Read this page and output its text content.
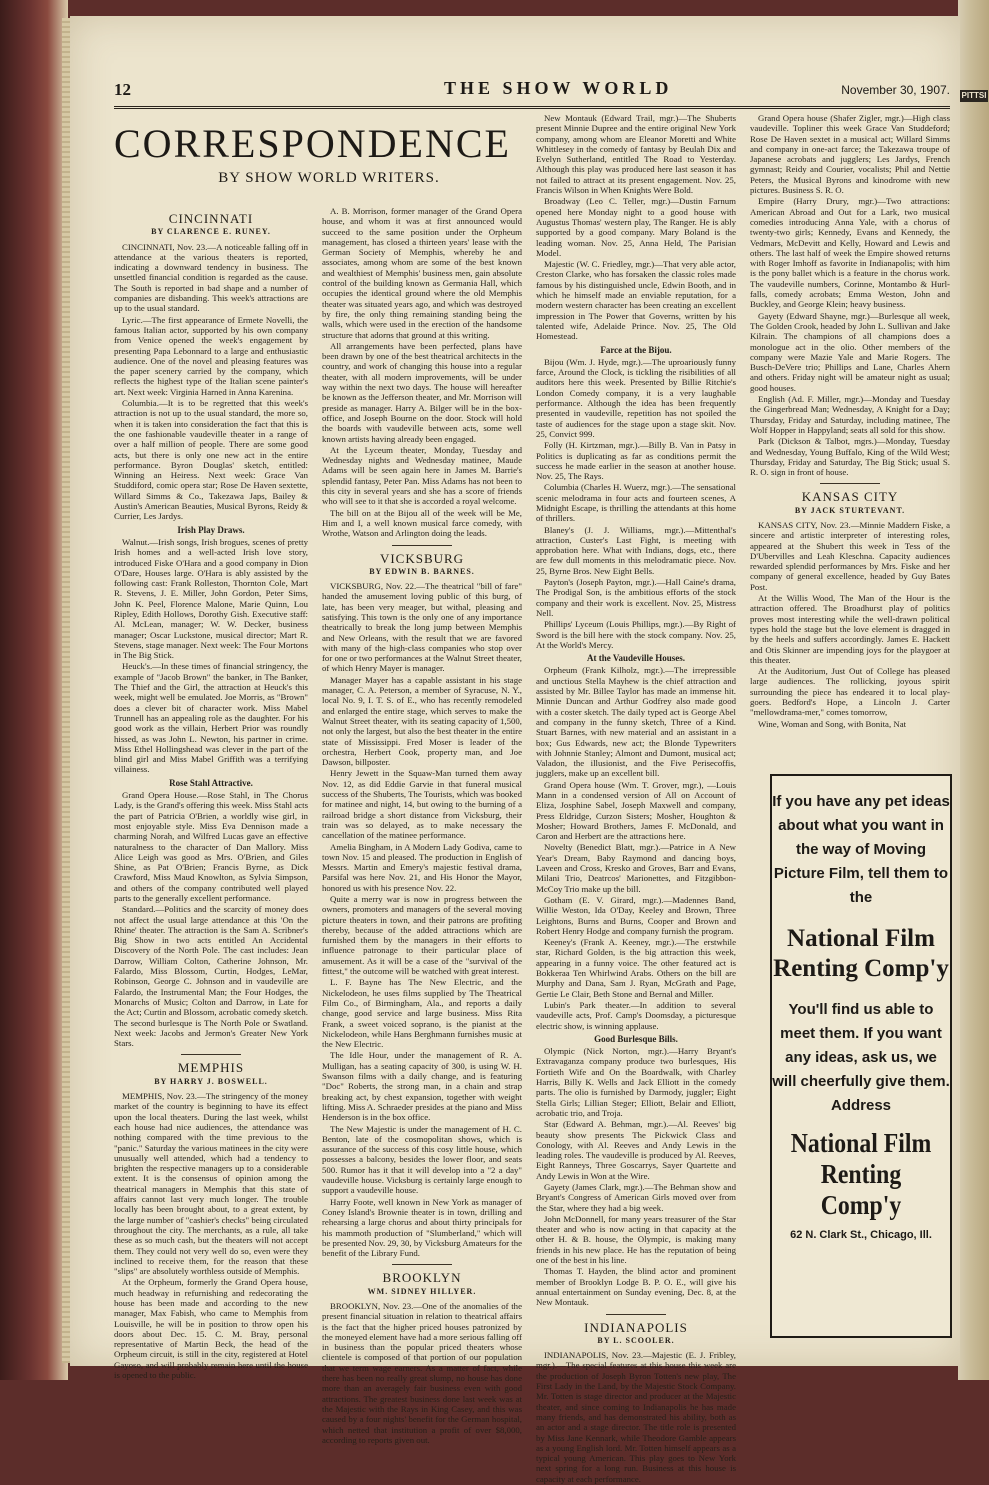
PITTSI
12	THE SHOW WORLD	November 30, 1907.
CORRESPONDENCE
BY SHOW WORLD WRITERS.
CINCINNATI
BY CLARENCE E. RUNEY.

CINCINNATI, Nov. 23.—A noticeable falling off in attendance at the various theaters is reported, indicating a downward tendency in business. The unsettled financial condition is regarded as the cause. The South is reported in bad shape and a number of companies are disbanding. This week's attractions are up to the usual standard.

Lyric.—The first appearance of Ermete Novelli, the famous Italian actor, supported by his own company from Venice opened the week's engagement by presenting Papa Lebonnard to a large and enthusiastic audience. One of the novel and pleasing features was the paper scenery carried by the company, which reflects the highest type of the Italian scene painter's art. Next week: Virginia Harned in Anna Karenina.

Columbia.—It is to be regretted that this week's attraction is not up to the usual standard, the more so, when it is taken into consideration the fact that this is the one fashionable vaudeville theater in a range of over a half million of people. There are some good acts, but there is only one new act in the entire performance. Byron Douglas' sketch, entitled: Winning an Heiress. Next week: Grace Van Studdiford, comic opera star; Rose De Haven sextette, Willard Simms & Co., Takezawa Japs, Bailey & Austin's American Beauties, Musical Byrons, Reidy & Currier, Les Jardys.

Irish Play Draws.

Walnut.—Irish songs, Irish brogues, scenes of pretty Irish homes and a well-acted Irish love story, introduced Fiske O'Hara and a good company in Dion O'Dare, Houses large. O'Hara is ably assisted by the following cast: Frank Rolleston, Thornton Cole, Mart R. Stevens, J. E. Miller, John Gordon, Peter Sims, John K. Peel, Florence Malone, Marie Quinn, Lou Ripley, Edith Hollows, Dorothy Gish. Executive staff: Al. McLean, manager; W. W. Decker, business manager; Oscar Luckstone, musical director; Mart R. Stevens, stage manager. Next week: The Four Mortons in The Big Stick.

Heuck's.—In these times of financial stringency, the example of "Jacob Brown" the banker, in The Banker, The Thief and the Girl, the attraction at Heuck's this week, might well be emulated. Joe Morris, as "Brown" does a clever bit of character work. Miss Mabel Trunnell has an appealing role as the daughter. For his good work as the villain, Herbert Prior was roundly hissed, as was John L. Newton, his partner in crime. Miss Ethel Hollingshead was clever in the part of the blind girl and Miss Mabel Griffith was a terrifying villainess.

Rose Stahl Attractive.

Grand Opera House.—Rose Stahl, in The Chorus Lady, is the Grand's offering this week. Miss Stahl acts the part of Patricia O'Brien, a worldly wise girl, in most enjoyable style. Miss Eva Dennison made a charming Norah, and Wilfred Lucas gave an effective naturalness to the character of Dan Mallory. Miss Alice Leigh was good as Mrs. O'Brien, and Giles Shine, as Pat O'Brien; Francis Byrne, as Dick Crawford, Miss Maud Knowlton, as Sylvia Simpson, and others of the company contributed well played parts to the generally excellent performance.

Standard.—Politics and the scarcity of money does not affect the usual large attendance at this 'On the Rhine' theater. The attraction is the Sam A. Scribner's Big Show in two acts entitled An Accidental Discovery of the North Pole. The cast includes: Jean Darrow, William Colton, Catherine Johnson, Mr. Falardo, Miss Blossom, Curtin, Hodges, LeMar, Robinson, George C. Johnson and in vaudeville are Falardo, the Instrumental Man; the Four Hodges, the Monarchs of Music; Colton and Darrow, in Late for the Act; Curtin and Blossom, acrobatic comedy sketch. The second burlesque is The North Pole or Swatland. Next week: Jacobs and Jermon's Greater New York Stars.

MEMPHIS
BY HARRY J. BOSWELL.

MEMPHIS, Nov. 23.—The stringency of the money market of the country is beginning to have its effect upon the local theaters. During the last week, whilst each house had nice audiences, the attendance was nothing compared with the time previous to the "panic." Saturday the various matinees in the city were unusually well attended, which had a tendency to brighten the respective managers up to a considerable extent. It is the consensus of opinion among the theatrical managers in Memphis that this state of affairs cannot last very much longer. The trouble locally has been brought about, to a great extent, by the large number of "cashier's checks" being circulated throughout the city. The merchants, as a rule, all take these as so much cash, but the theaters will not accept them. They could not very well do so, even were they inclined to receive them, for the reason that these "slips" are absolutely worthless outside of Memphis.

At the Orpheum, formerly the Grand Opera house, much headway in refurnishing and redecorating the house has been made and according to the new manager, Max Fabish, who came to Memphis from Louisville, he will be in position to throw open his doors about Dec. 15. C. M. Bray, personal representative of Martin Beck, the head of the Orpheum circuit, is still in the city, registered at Hotel Gayoso, and will probably remain here until the house is opened to the public.

A. B. Morrison, former manager of the Grand Opera house, and whom it was at first announced would succeed to the same position under the Orpheum management, has closed a thirteen years' lease with the German Society of Memphis, whereby he and associates, among whom are some of the best known and wealthiest of Memphis' business men, gain absolute control of the building known as Germania Hall, which occupies the identical ground where the old Memphis theater was situated years ago, and which was destroyed by fire, the only thing remaining standing being the walls, which were used in the erection of the handsome structure that adorns that ground at this writing.

All arrangements have been perfected, plans have been drawn by one of the best theatrical architects in the country, and work of changing this house into a regular theater, with all modern improvements, will be under way within the next two days. The house will hereafter be known as the Jefferson theater, and Mr. Morrison will preside as manager. Harry A. Bilger will be in the box-office, and Joseph Bourne on the door. Stock will hold the boards with vaudeville between acts, some well known artists having already been engaged.

At the Lyceum theater, Monday, Tuesday and Wednesday nights and Wednesday matinee, Maude Adams will be seen again here in James M. Barrie's splendid fantasy, Peter Pan. Miss Adams has not been to this city in several years and she has a score of friends who will see to it that she is accorded a royal welcome.

The bill on at the Bijou all of the week will be Me, Him and I, a well known musical farce comedy, with Wrothe, Watson and Arlington doing the leads.

VICKSBURG
BY EDWIN B. BARNES.

VICKSBURG, Nov. 22.—The theatrical "bill of fare" handed the amusement loving public of this burg, of late, has been very meager, but withal, pleasing and satisfying. This town is the only one of any importance theatrically to break the long jump between Memphis and New Orleans, with the result that we are favored with many of the high-class companies who stop over for one or two performances at the Walnut Street theater, of which Henry Mayer is manager.

Manager Mayer has a capable assistant in his stage manager, C. A. Peterson, a member of Syracuse, N. Y., local No. 9, I. T. S. of E., who has recently remodeled and enlarged the entire stage, which serves to make the Walnut Street theater, with its seating capacity of 1,500, not only the largest, but also the best theater in the entire state of Mississippi. Fred Moser is leader of the orchestra, Herbert Cook, property man, and Joe Dawson, billposter.

Henry Jewett in the Squaw-Man turned them away Nov. 12, as did Eddie Garvie in that funeral musical success of the Shuberts, The Tourists, which was booked for matinee and night, 14, but owing to the burning of a railroad bridge a short distance from Vicksburg, their train was so delayed, as to make necessary the cancellation of the matinee performance.

Amelia Bingham, in A Modern Lady Godiva, came to town Nov. 15 and pleased. The production in English of Messrs. Martin and Emery's majestic festival drama, Parsifal was here Nov. 21, and His Honor the Mayor, honored us with his presence Nov. 22.

Quite a merry war is now in progress between the owners, promoters and managers of the several moving picture theaters in town, and their patrons are profiting thereby, because of the added attractions which are furnished them by the managers in their efforts to influence patronage to their particular place of amusement. As it will be a case of the "survival of the fittest," the outcome will be watched with great interest.

L. F. Bayne has The New Electric, and the Nickelodeon, he uses films supplied by The Theatrical Film Co., of Birmingham, Ala., and reports a daily change, good service and large business. Miss Rita Frank, a sweet voiced soprano, is the pianist at the Nickelodeon, while Hans Berghmann furnishes music at the New Electric.

The Idle Hour, under the management of R. A. Mulligan, has a seating capacity of 300, is using W. H. Swanson films with a daily change, and is featuring "Doc" Roberts, the strong man, in a chain and strap breaking act, by chest expansion, together with weight lifting. Miss A. Schraeder presides at the piano and Miss Henderson is in the box office.

The New Majestic is under the management of H. C. Benton, late of the cosmopolitan shows, which is assurance of the success of this cosy little house, which possesses a balcony, besides the lower floor, and seats 500. Rumor has it that it will develop into a "2 a day" vaudeville house. Vicksburg is certainly large enough to support a vaudeville house.

Harry Foote, well known in New York as manager of Coney Island's Brownie theater is in town, drilling and rehearsing a large chorus and about thirty principals for his mammoth production of "Slumberland," which will be presented Nov. 29, 30, by Vicksburg Amateurs for the benefit of the Library Fund.

BROOKLYN
WM. SIDNEY HILLYER.

BROOKLYN, Nov. 23.—One of the anomalies of the present financial situation in relation to theatrical affairs is the fact that the higher priced houses patronized by the moneyed element have had a more serious falling off in business than the popular priced theaters whose clientele is composed of that portion of our population that we term wage earners. As a matter of fact, while there has been no really great slump, no house has done more than an averagely fair business even with good attractions. The greatest business done last week was at the Majestic with the Rays in King Casey, and this was caused by a four nights' benefit for the German hospital, which netted that institution a profit of over $8,000, according to reports given out.

New Montauk (Edward Trail, mgr.)—The Shuberts present Minnie Dupree and the entire original New York company, among whom are Eleanor Moretti and White Whittlesey in the comedy of fantasy by Beulah Dix and Evelyn Sutherland, entitled The Road to Yesterday. Although this play was produced here last season it has not failed to attract at its present engagement. Nov. 25, Francis Wilson in When Knights Were Bold.

Broadway (Leo C. Teller, mgr.)—Dustin Farnum opened here Monday night to a good house with Augustus Thomas' western play, The Ranger. He is ably supported by a good company. Mary Boland is the leading woman. Nov. 25, Anna Held, The Parisian Model.

Majestic (W. C. Friedley, mgr.)—That very able actor, Creston Clarke, who has forsaken the classic roles made famous by his distinguished uncle, Edwin Booth, and in which he himself made an enviable reputation, for a modern western character has been creating an excellent impression in The Power that Governs, written by his talented wife, Adelaide Prince. Nov. 25, The Old Homestead.

Farce at the Bijou.

Bijou (Wm. J. Hyde, mgr.).—The uproariously funny farce, Around the Clock, is tickling the risibilities of all auditors here this week. Presented by Billie Ritchie's London Comedy company, it is a very laughable performance. Although the idea has been frequently presented in vaudeville, repetition has not spoiled the taste of audiences for the stage upon a stage skit. Nov. 25, Convict 999.

Folly (H. Kirtzman, mgr.).—Billy B. Van in Patsy in Politics is duplicating as far as conditions permit the success he made earlier in the season at another house. Nov. 25, The Rays.

Columbia (Charles H. Wuerz, mgr.).—The sensational scenic melodrama in four acts and fourteen scenes, A Midnight Escape, is thrilling the attendants at this home of thrillers.

Blaney's (J. J. Williams, mgr.).—Mittenthal's attraction, Custer's Last Fight, is meeting with approbation here. What with Indians, dogs, etc., there are few dull moments in this melodramatic piece. Nov. 25, Byrne Bros. New Eight Bells.

Payton's (Joseph Payton, mgr.).—Hall Caine's drama, The Prodigal Son, is the ambitious efforts of the stock company and their work is excellent. Nov. 25, Mistress Nell.

Phillips' Lyceum (Louis Phillips, mgr.).—By Right of Sword is the bill here with the stock company. Nov. 25, At the World's Mercy.

At the Vaudeville Houses.

Orpheum (Frank Kilholz, mgr.).—The irrepressible and unctious Stella Mayhew is the chief attraction and assisted by Mr. Billee Taylor has made an immense hit. Minnie Duncan and Arthur Godfrey also made good with a coster sketch. The daily typed act is George Abel and company in the funny sketch, Three of a Kind. Stuart Barnes, with new material and an assistant in a box; Gus Edwards, new act; the Blonde Typewriters with Johnnie Stanley; Almont and Dumont, musical act; Valadon, the illusionist, and the Five Perisecoffis, jugglers, make up an excellent bill.

Grand Opera house (Wm. T. Grover, mgr.), —Louis Mann in a condensed version of All on Account of Eliza, Josphine Sabel, Joseph Maxwell and company, Press Eldridge, Curzon Sisters; Mosher, Houghton & Mosher; Howard Brothers, James F. McDonald, and Caron and Herbert are the attractions here.

Novelty (Benedict Blatt, mgr.).—Patrice in A New Year's Dream, Baby Raymond and dancing boys, Laveen and Cross, Kresko and Groves, Barr and Evans, Milani Trio, Deatrcos' Marionettes, and Fitzgibbon-McCoy Trio make up the bill.

Gotham (E. V. Girard, mgr.).—Madennes Band, Willie Weston, Ida O'Day, Keeley and Brown, Three Leightons, Burns and Burns, Cooper and Brown and Robert Henry Hodge and company furnish the program.

Keeney's (Frank A. Keeney, mgr.).—The erstwhile star, Richard Golden, is the big attraction this week, appearing in a funny voice. The other featured act is Bokkeraa Ten Whirlwind Arabs. Others on the bill are Murphy and Dana, Sam J. Ryan, McGrath and Page, Gertie Le Clair, Beth Stone and Bernal and Miller.

Lubin's Park theater.—In addition to several vaudeville acts, Prof. Camp's Doomsday, a picturesque electric show, is winning applause.

Good Burlesque Bills.

Olympic (Nick Norton, mgr.).—Harry Bryant's Extravaganza company produce two burlesques, His Fortieth Wife and On the Boardwalk, with Charley Harris, Billy K. Wells and Jack Elliott in the comedy parts. The olio is furnished by Darmody, juggler; Eight Stella Girls; Lillian Steger; Elliott, Belair and Elliott, acrobatic trio, and Troja.

Star (Edward A. Behman, mgr.).—Al. Reeves' big beauty show presents The Pickwick Class and Conology, with Al. Reeves and Andy Lewis in the leading roles. The vaudeville is produced by Al. Reeves, Eight Ranneys, Three Goscarrys, Sayer Quartette and Andy Lewis in Won at the Wire.

Gayety (James Clark, mgr.).—The Behman show and Bryant's Congress of American Girls moved over from the Star, where they had a big week.

John McDonnell, for many years treasurer of the Star theater and who is now acting in that capacity at the other H. & B. house, the Olympic, is making many friends in his new place. He has the reputation of being one of the best in his line.

Thomas T. Hayden, the blind actor and prominent member of Brooklyn Lodge B. P. O. E., will give his annual entertainment on Sunday evening, Dec. 8, at the New Montauk.

INDIANAPOLIS
BY L. SCOOLER.

INDIANAPOLIS, Nov. 23.—Majestic (E. J. Fribley, mgr.).—The special features at this house this week are the production of Joseph Byron Totten's new play, The First Lady in the Land, by the Majestic Stock Company. Mr. Totten is stage director and producer at the Majestic theater, and since coming to Indianapolis he has made many friends, and has demonstrated his ability, both as an actor and a stage director. The title role is presented by Miss Jane Kennark, while Theodore Gamble appears as a young English lord. Mr. Totten himself appears as a typical young American. This play goes to New York next spring for a long run. Business at this house is capacity at each performance.

Grand Opera house (Shafer Zigler, mgr.)—High class vaudeville. Topliner this week Grace Van Studdeford; Rose De Haven sextet in a musical act; Willard Simms and company in one-act farce; the Takezawa troupe of Japanese acrobats and jugglers; Les Jardys, French gymnast; Reidy and Courier, vocalists; Phil and Nettie Peters, the Musical Byrons and kinodrome with new pictures. Business S. R. O.

Empire (Harry Drury, mgr.)—Two attractions: American Abroad and Out for a Lark, two musical comedies introducing Anna Yale, with a chorus of twenty-two girls; Kennedy, Evans and Kennedy, the Vedmars, McDevitt and Kelly, Howard and Lewis and others. The last half of week the Empire showed returns with Roger Imhoff as favorite in Indianapolis; with him is the pony ballet which is a feature in the chorus work. The vaudeville numbers, Corinne, Montambo & Hurl-falls, comedy acrobats; Emma Weston, John and Buckley, and George Klein; heavy business.

Gayety (Edward Shayne, mgr.)—Burlesque all week, The Golden Crook, headed by John L. Sullivan and Jake Kilrain. The champions of all champions does a monologue act in the olio. Other members of the company were Mazie Yale and Marie Rogers. The Busch-DeVere trio; Phillips and Lane, Charles Ahern and others. Friday night will be amateur night as usual; good houses.

English (Ad. F. Miller, mgr.)—Monday and Tuesday the Gingerbread Man; Wednesday, A Knight for a Day; Thursday, Friday and Saturday, including matinee, The Wolf Hopper in Happyland; seats all sold for this show.

Park (Dickson & Talbot, mgrs.)—Monday, Tuesday and Wednesday, Young Buffalo, King of the Wild West; Thursday, Friday and Saturday, The Big Stick; usual S. R. O. sign in front of house.

KANSAS CITY
BY JACK STURTEVANT.

KANSAS CITY, Nov. 23.—Minnie Maddern Fiske, a sincere and artistic interpreter of interesting roles, appeared at the Shubert this week in Tess of the D'Ubervilles and Leah Kleschna. Capacity audiences rewarded splendid performances by Mrs. Fiske and her company of general excellence, headed by Guy Bates Post.

At the Willis Wood, The Man of the Hour is the attraction offered. The Broadhurst play of politics proves most interesting while the well-drawn political types hold the stage but the love element is dragged in by the heels and suffers accordingly. James E. Hackett and Otis Skinner are impending joys for the playgoer at this theater.

At the Auditorium, Just Out of College has pleased large audiences. The rollicking, joyous spirit surrounding the piece has endeared it to local play-goers. Bedford's Hope, a Lincoln J. Carter "mellowdrama-mer," comes tomorrow,

Wine, Woman and Song, with Bonita, Nat

If you have any pet ideas about what you want in the way of Moving Picture Film, tell them to the
National Film Renting Comp'y
You'll find us able to meet them. If you want any ideas, ask us, we will cheerfully give them. Address
National Film Renting Comp'y
62 N. Clark St., Chicago, Ill.
